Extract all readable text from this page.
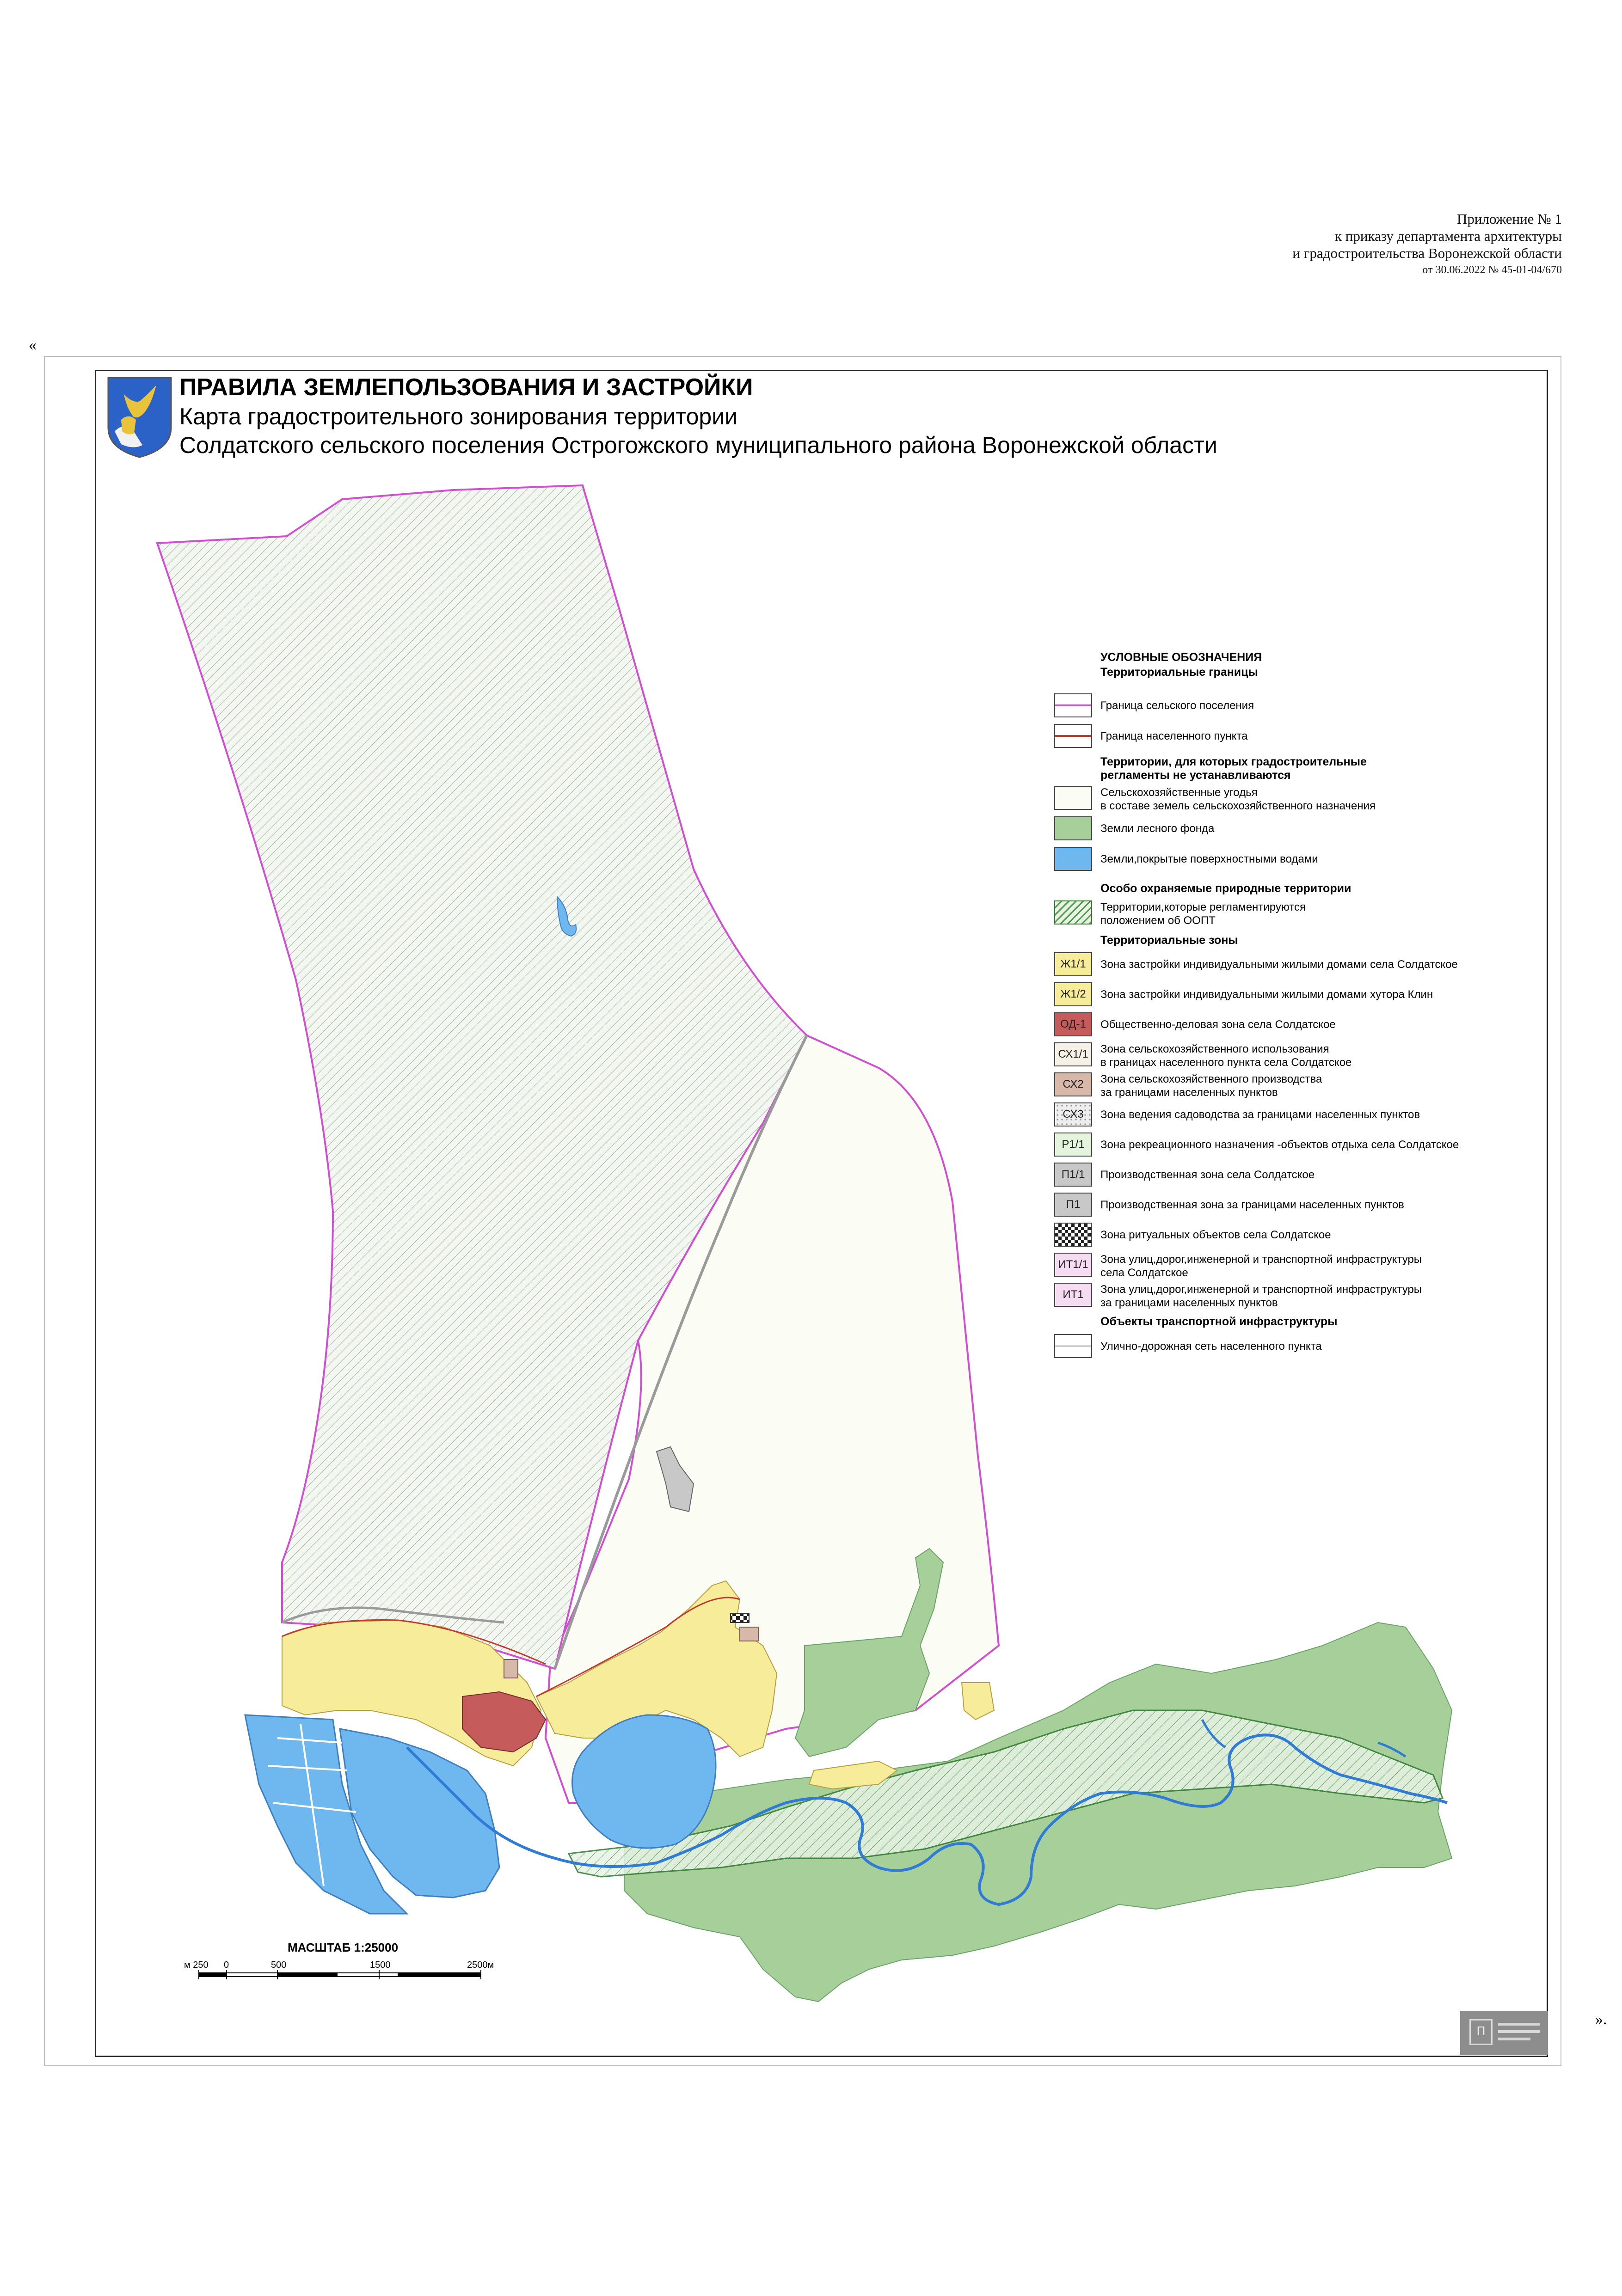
«
».
Приложение № 1
к приказу департамента архитектуры
и градостроительства Воронежской области
от 30.06.2022 № 45-01-04/670
ПРАВИЛА ЗЕМЛЕПОЛЬЗОВАНИЯ И ЗАСТРОЙКИ
Карта градостроительного зонирования территории
Солдатского сельского поселения Острогожского муниципального района Воронежской области
УСЛОВНЫЕ ОБОЗНАЧЕНИЯ
Территориальные границы
Граница сельского поселения
Граница населенного пункта
Территории, для которых градостроительные
регламенты не устанавливаются
Сельскохозяйственные угодья
в составе земель сельскохозяйственного назначения
Земли лесного фонда
Земли,покрытые поверхностными водами
Особо охраняемые природные территории
Территории,которые регламентируются
положением об ООПТ
Территориальные зоны
Ж1/1	Зона застройки индивидуальными жилыми домами села Солдатское
Ж1/2	Зона застройки индивидуальными жилыми домами хутора Клин
ОД-1	Общественно-деловая зона села Солдатское
СХ1/1	Зона сельскохозяйственного использования
в границах населенного пункта села Солдатское
СХ2	Зона сельскохозяйственного производства
за границами населенных пунктов
СХ3	Зона ведения садоводства за границами населенных пунктов
Р1/1	Зона рекреационного назначения -объектов отдыха села Солдатское
П1/1	Производственная зона села Солдатское
П1	Производственная зона за границами населенных пунктов
Зона ритуальных объектов села Солдатское
ИТ1/1	Зона улиц,дорог,инженерной и транспортной инфраструктуры
села Солдатское
ИТ1	Зона улиц,дорог,инженерной и транспортной инфраструктуры
за границами населенных пунктов
Объекты транспортной инфраструктуры
Улично-дорожная сеть населенного пункта
МАСШТАБ 1:25000
м 250 0	500	1500	2500м
П
